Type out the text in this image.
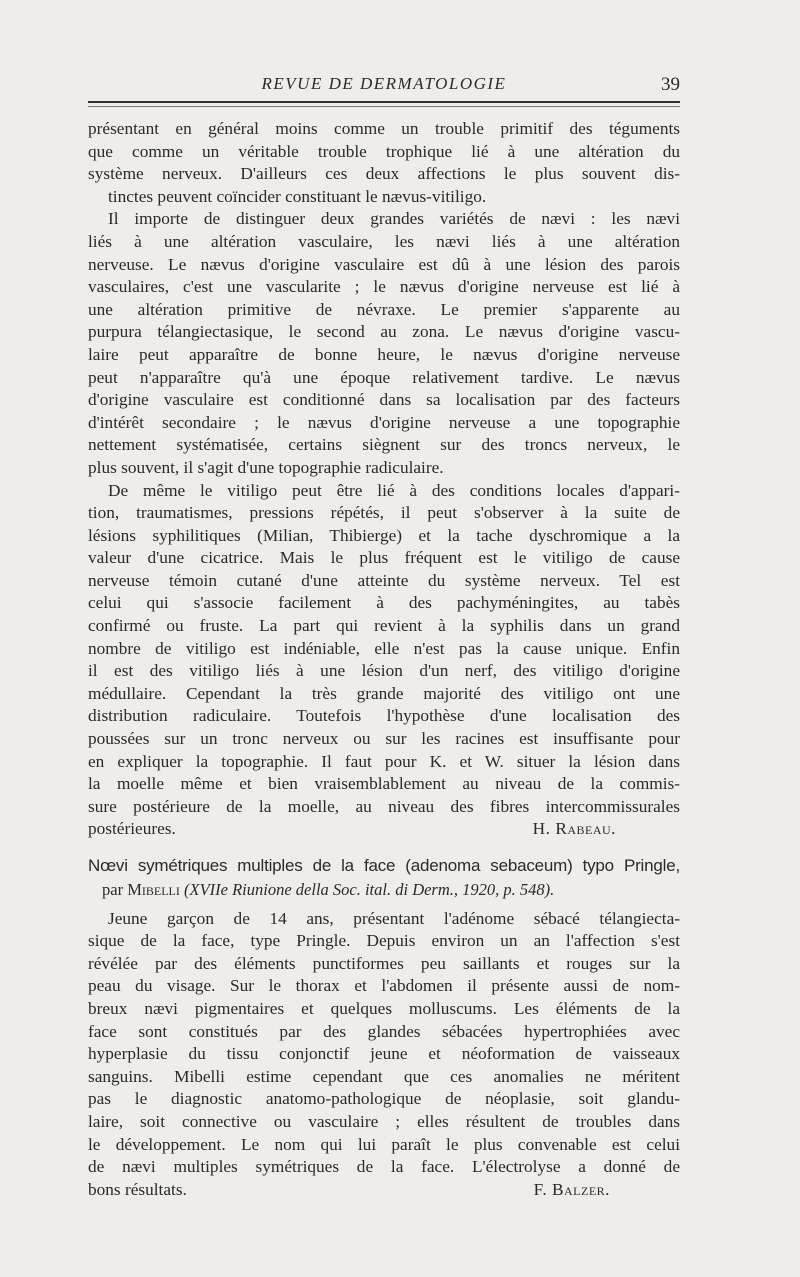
REVUE DE DERMATOLOGIE	39
présentant en général moins comme un trouble primitif des téguments
que comme un véritable trouble trophique lié à une altération du
système nerveux. D'ailleurs ces deux affections le plus souvent dis-
tinctes peuvent coïncider constituant le nævus-vitiligo.
Il importe de distinguer deux grandes variétés de nævi : les nævi
liés à une altération vasculaire, les nævi liés à une altération
nerveuse. Le nævus d'origine vasculaire est dû à une lésion des parois
vasculaires, c'est une vascularite ; le nævus d'origine nerveuse est lié à
une altération primitive de névraxe. Le premier s'apparente au
purpura télangiectasique, le second au zona. Le nævus d'origine vascu-
laire peut apparaître de bonne heure, le nævus d'origine nerveuse
peut n'apparaître qu'à une époque relativement tardive. Le nævus
d'origine vasculaire est conditionné dans sa localisation par des facteurs
d'intérêt secondaire ; le nævus d'origine nerveuse a une topographie
nettement systématisée, certains siègnent sur des troncs nerveux, le
plus souvent, il s'agit d'une topographie radiculaire.
De même le vitiligo peut être lié à des conditions locales d'appari-
tion, traumatismes, pressions répétés, il peut s'observer à la suite de
lésions syphilitiques (Milian, Thibierge) et la tache dyschromique a la
valeur d'une cicatrice. Mais le plus fréquent est le vitiligo de cause
nerveuse témoin cutané d'une atteinte du système nerveux. Tel est
celui qui s'associe facilement à des pachyméningites, au tabès
confirmé ou fruste. La part qui revient à la syphilis dans un grand
nombre de vitiligo est indéniable, elle n'est pas la cause unique. Enfin
il est des vitiligo liés à une lésion d'un nerf, des vitiligo d'origine
médullaire. Cependant la très grande majorité des vitiligo ont une
distribution radiculaire. Toutefois l'hypothèse d'une localisation des
poussées sur un tronc nerveux ou sur les racines est insuffisante pour
en expliquer la topographie. Il faut pour K. et W. situer la lésion dans
la moelle même et bien vraisemblablement au niveau de la commis-
sure postérieure de la moelle, au niveau des fibres intercommissurales
postérieures.	H. Rabeau.
Nœvi symétriques multiples de la face (adenoma sebaceum) typo Pringle,
par Mibelli (XVIIe Riunione della Soc. ital. di Derm., 1920, p. 548).
Jeune garçon de 14 ans, présentant l'adénome sébacé télangiecta-
sique de la face, type Pringle. Depuis environ un an l'affection s'est
révélée par des éléments punctiformes peu saillants et rouges sur la
peau du visage. Sur le thorax et l'abdomen il présente aussi de nom-
breux nævi pigmentaires et quelques molluscums. Les éléments de la
face sont constitués par des glandes sébacées hypertrophiées avec
hyperplasie du tissu conjonctif jeune et néoformation de vaisseaux
sanguins. Mibelli estime cependant que ces anomalies ne méritent
pas le diagnostic anatomo-pathologique de néoplasie, soit glandu-
laire, soit connective ou vasculaire ; elles résultent de troubles dans
le développement. Le nom qui lui paraît le plus convenable est celui
de nævi multiples symétriques de la face. L'électrolyse a donné de
bons résultats.	F. Balzer.
